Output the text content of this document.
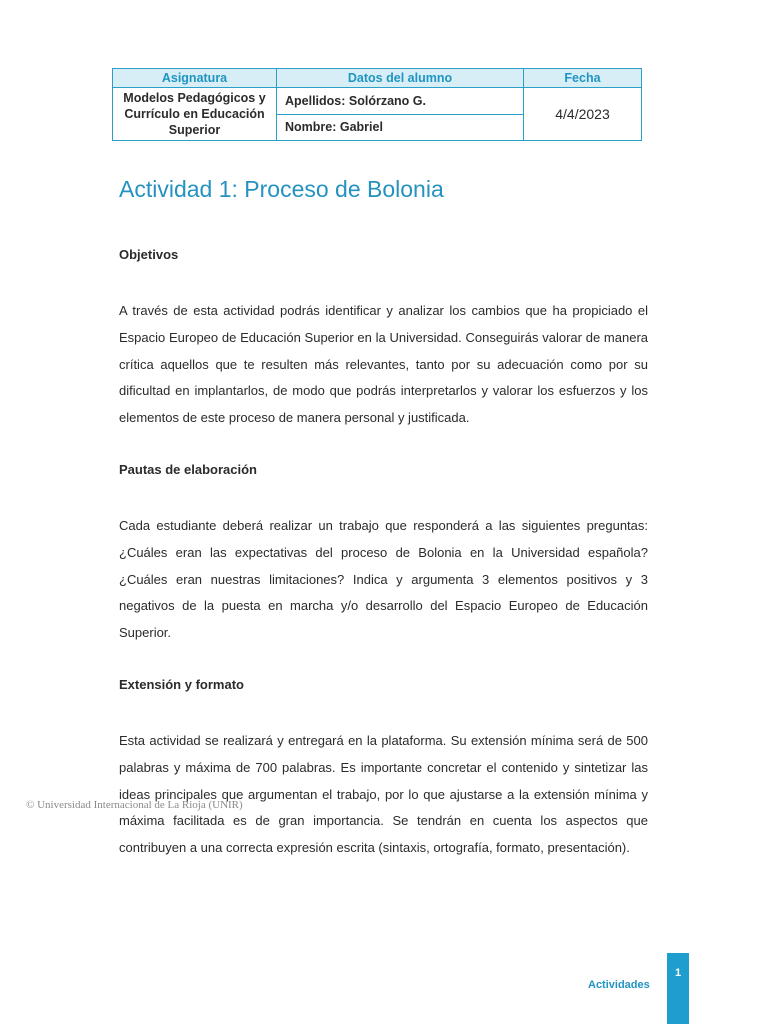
Asignatura	Datos del alumno	Fecha
Modelos Pedagógicos y Currículo en Educación Superior	Apellidos: Solórzano G.	4/4/2023
	Nombre: Gabriel	
Actividad 1: Proceso de Bolonia
Objetivos

A través de esta actividad podrás identificar y analizar los cambios que ha propiciado el Espacio Europeo de Educación Superior en la Universidad. Conseguirás valorar de manera crítica aquellos que te resulten más relevantes, tanto por su adecuación como por su dificultad en implantarlos, de modo que podrás interpretarlos y valorar los esfuerzos y los elementos de este proceso de manera personal y justificada.

Pautas de elaboración

Cada estudiante deberá realizar un trabajo que responderá a las siguientes preguntas: ¿Cuáles eran las expectativas del proceso de Bolonia en la Universidad española? ¿Cuáles eran nuestras limitaciones? Indica y argumenta 3 elementos positivos y 3 negativos de la puesta en marcha y/o desarrollo del Espacio Europeo de Educación Superior.

Extensión y formato

Esta actividad se realizará y entregará en la plataforma. Su extensión mínima será de 500 palabras y máxima de 700 palabras. Es importante concretar el contenido y sintetizar las ideas principales que argumentan el trabajo, por lo que ajustarse a la extensión mínima y máxima facilitada es de gran importancia. Se tendrán en cuenta los aspectos que contribuyen a una correcta expresión escrita (sintaxis, ortografía, formato, presentación).

© Universidad Internacional de La Rioja (UNIR)
Actividades
1
